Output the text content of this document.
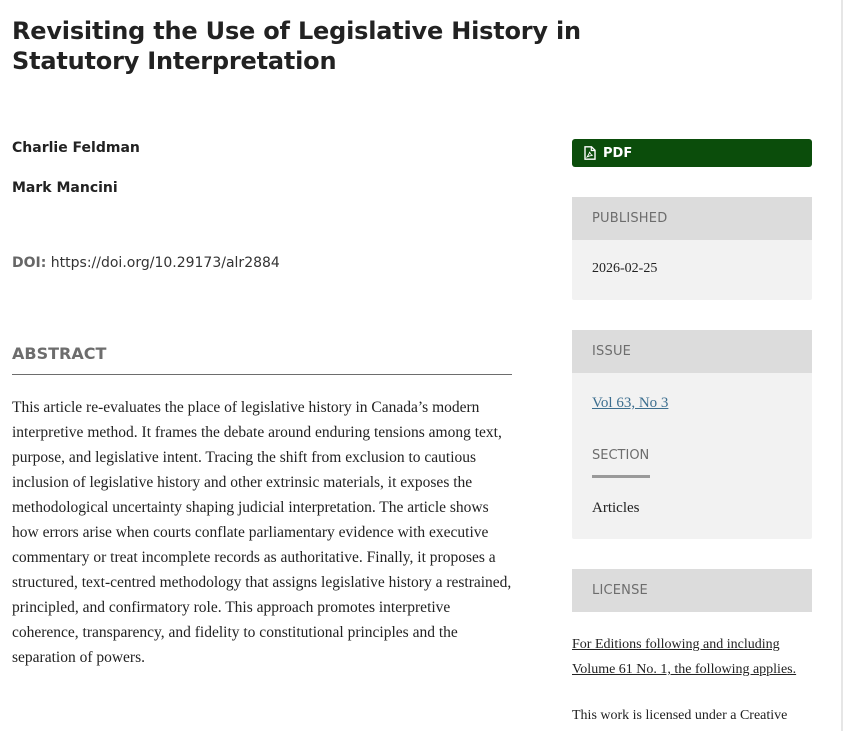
Revisiting the Use of Legislative History in Statutory Interpretation

Charlie Feldman

Mark Mancini

DOI: https://doi.org/10.29173/alr2884

ABSTRACT

This article re-evaluates the place of legislative history in Canada’s modern interpretive method. It frames the debate around enduring tensions among text, purpose, and legislative intent. Tracing the shift from exclusion to cautious inclusion of legislative history and other extrinsic materials, it exposes the methodological uncertainty shaping judicial interpretation. The article shows how errors arise when courts conflate parliamentary evidence with executive commentary or treat incomplete records as authoritative. Finally, it proposes a structured, text-centred methodology that assigns legislative history a restrained, principled, and confirmatory role. This approach promotes interpretive coherence, transparency, and fidelity to constitutional principles and the separation of powers.

PDF
PUBLISHED
2026-02-25
ISSUE
Vol 63, No 3
SECTION
Articles
LICENSE
For Editions following and including Volume 61 No. 1, the following applies.

This work is licensed under a Creative
